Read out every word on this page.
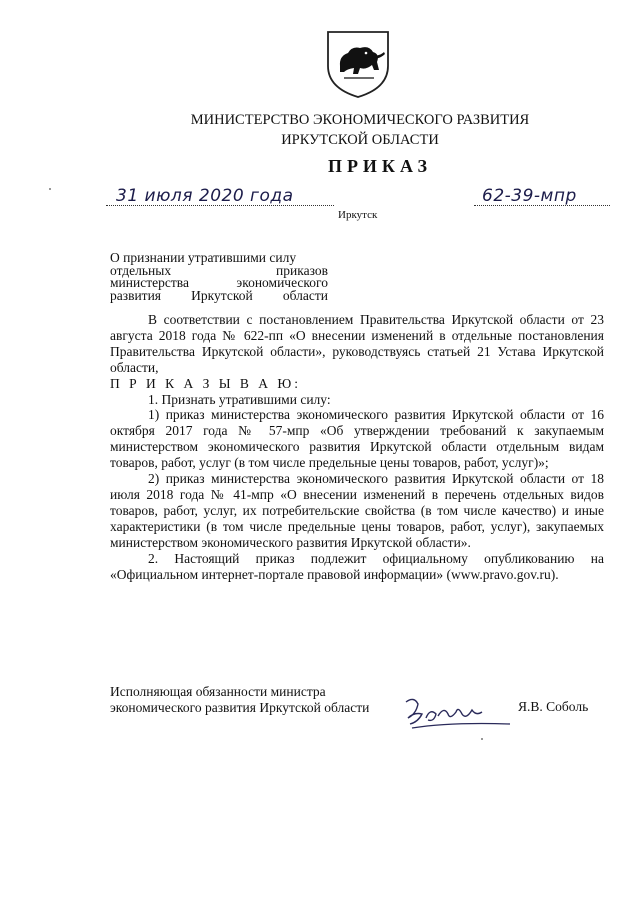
МИНИСТЕРСТВО ЭКОНОМИЧЕСКОГО РАЗВИТИЯ
ИРКУТСКОЙ ОБЛАСТИ
ПРИКАЗ
31 июля 2020 года	62-39-мпр
Иркутск
О признании утратившими силу
отдельных приказов
министерства экономического
развития Иркутской области

В соответствии с постановлением Правительства Иркутской области от 23 августа 2018 года № 622-пп «О внесении изменений в отдельные постановления Правительства Иркутской области», руководствуясь статьей 21 Устава Иркутской области,

П Р И К А З Ы В А Ю:

1. Признать утратившими силу:

1) приказ министерства экономического развития Иркутской области от 16 октября 2017 года № 57-мпр «Об утверждении требований к закупаемым министерством экономического развития Иркутской области отдельным видам товаров, работ, услуг (в том числе предельные цены товаров, работ, услуг)»;

2) приказ министерства экономического развития Иркутской области от 18 июля 2018 года № 41-мпр «О внесении изменений в перечень отдельных видов товаров, работ, услуг, их потребительские свойства (в том числе качество) и иные характеристики (в том числе предельные цены товаров, работ, услуг), закупаемых министерством экономического развития Иркутской области».

2. Настоящий приказ подлежит официальному опубликованию на «Официальном интернет-портале правовой информации» (www.pravo.gov.ru).

Исполняющая обязанности министра
экономического развития Иркутской области	Я.В. Соболь
